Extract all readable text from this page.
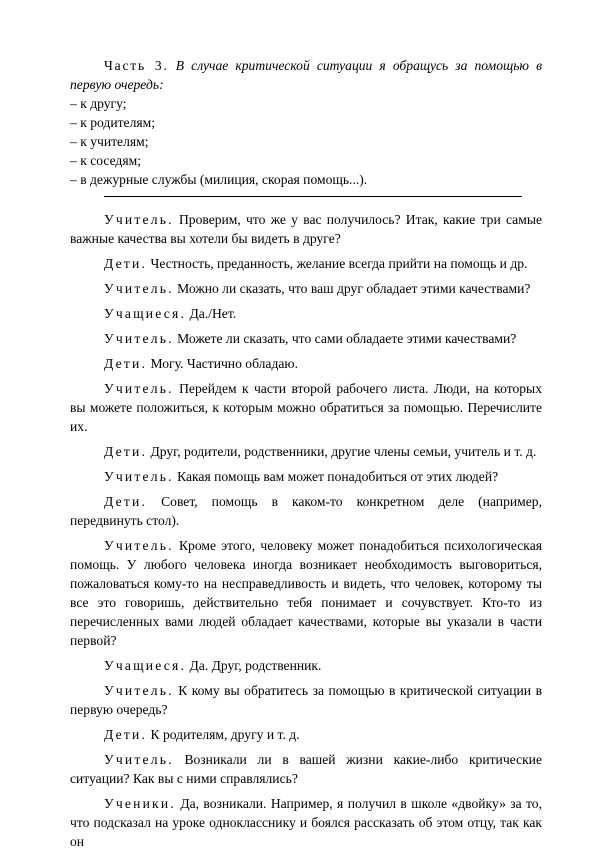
Часть 3. В случае критической ситуации я обращусь за помощью в первую очередь:
– к другу;
– к родителям;
– к учителям;
– к соседям;
– в дежурные службы (милиция, скорая помощь...).

Учитель. Проверим, что же у вас получилось? Итак, какие три самые важные качества вы хотели бы видеть в друге?

Дети. Честность, преданность, желание всегда прийти на помощь и др.

Учитель. Можно ли сказать, что ваш друг обладает этими качествами?

Учащиеся. Да./Нет.

Учитель. Можете ли сказать, что сами обладаете этими качествами?

Дети. Могу. Частично обладаю.

Учитель. Перейдем к части второй рабочего листа. Люди, на которых вы можете положиться, к которым можно обратиться за помощью. Перечислите их.

Дети. Друг, родители, родственники, другие члены семьи, учитель и т. д.

Учитель. Какая помощь вам может понадобиться от этих людей?

Дети. Совет, помощь в каком-то конкретном деле (например, передвинуть стол).

Учитель. Кроме этого, человеку может понадобиться психологическая помощь. У любого человека иногда возникает необходимость выговориться, пожаловаться кому-то на несправедливость и видеть, что человек, которому ты все это говоришь, действительно тебя понимает и сочувствует. Кто-то из перечисленных вами людей обладает качествами, которые вы указали в части первой?

Учащиеся. Да. Друг, родственник.

Учитель. К кому вы обратитесь за помощью в критической ситуации в первую очередь?

Дети. К родителям, другу и т. д.

Учитель. Возникали ли в вашей жизни какие-либо критические ситуации? Как вы с ними справлялись?

Ученики. Да, возникали. Например, я получил в школе «двойку» за то, что подсказал на уроке однокласснику и боялся рассказать об этом отцу, так как он
